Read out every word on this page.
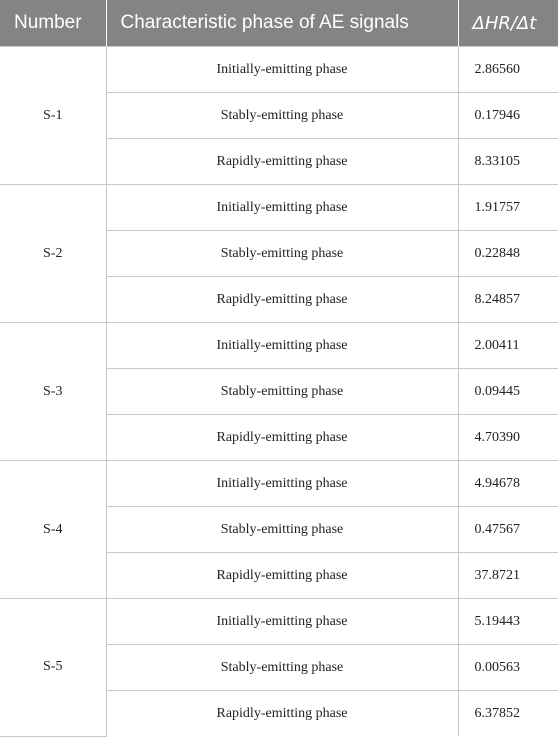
Number	Characteristic phase of AE signals	ΔHR/Δt
S-1	Initially-emitting phase	2.86560
	Stably-emitting phase	0.17946
	Rapidly-emitting phase	8.33105
S-2	Initially-emitting phase	1.91757
	Stably-emitting phase	0.22848
	Rapidly-emitting phase	8.24857
S-3	Initially-emitting phase	2.00411
	Stably-emitting phase	0.09445
	Rapidly-emitting phase	4.70390
S-4	Initially-emitting phase	4.94678
	Stably-emitting phase	0.47567
	Rapidly-emitting phase	37.8721
S-5	Initially-emitting phase	5.19443
	Stably-emitting phase	0.00563
	Rapidly-emitting phase	6.37852
